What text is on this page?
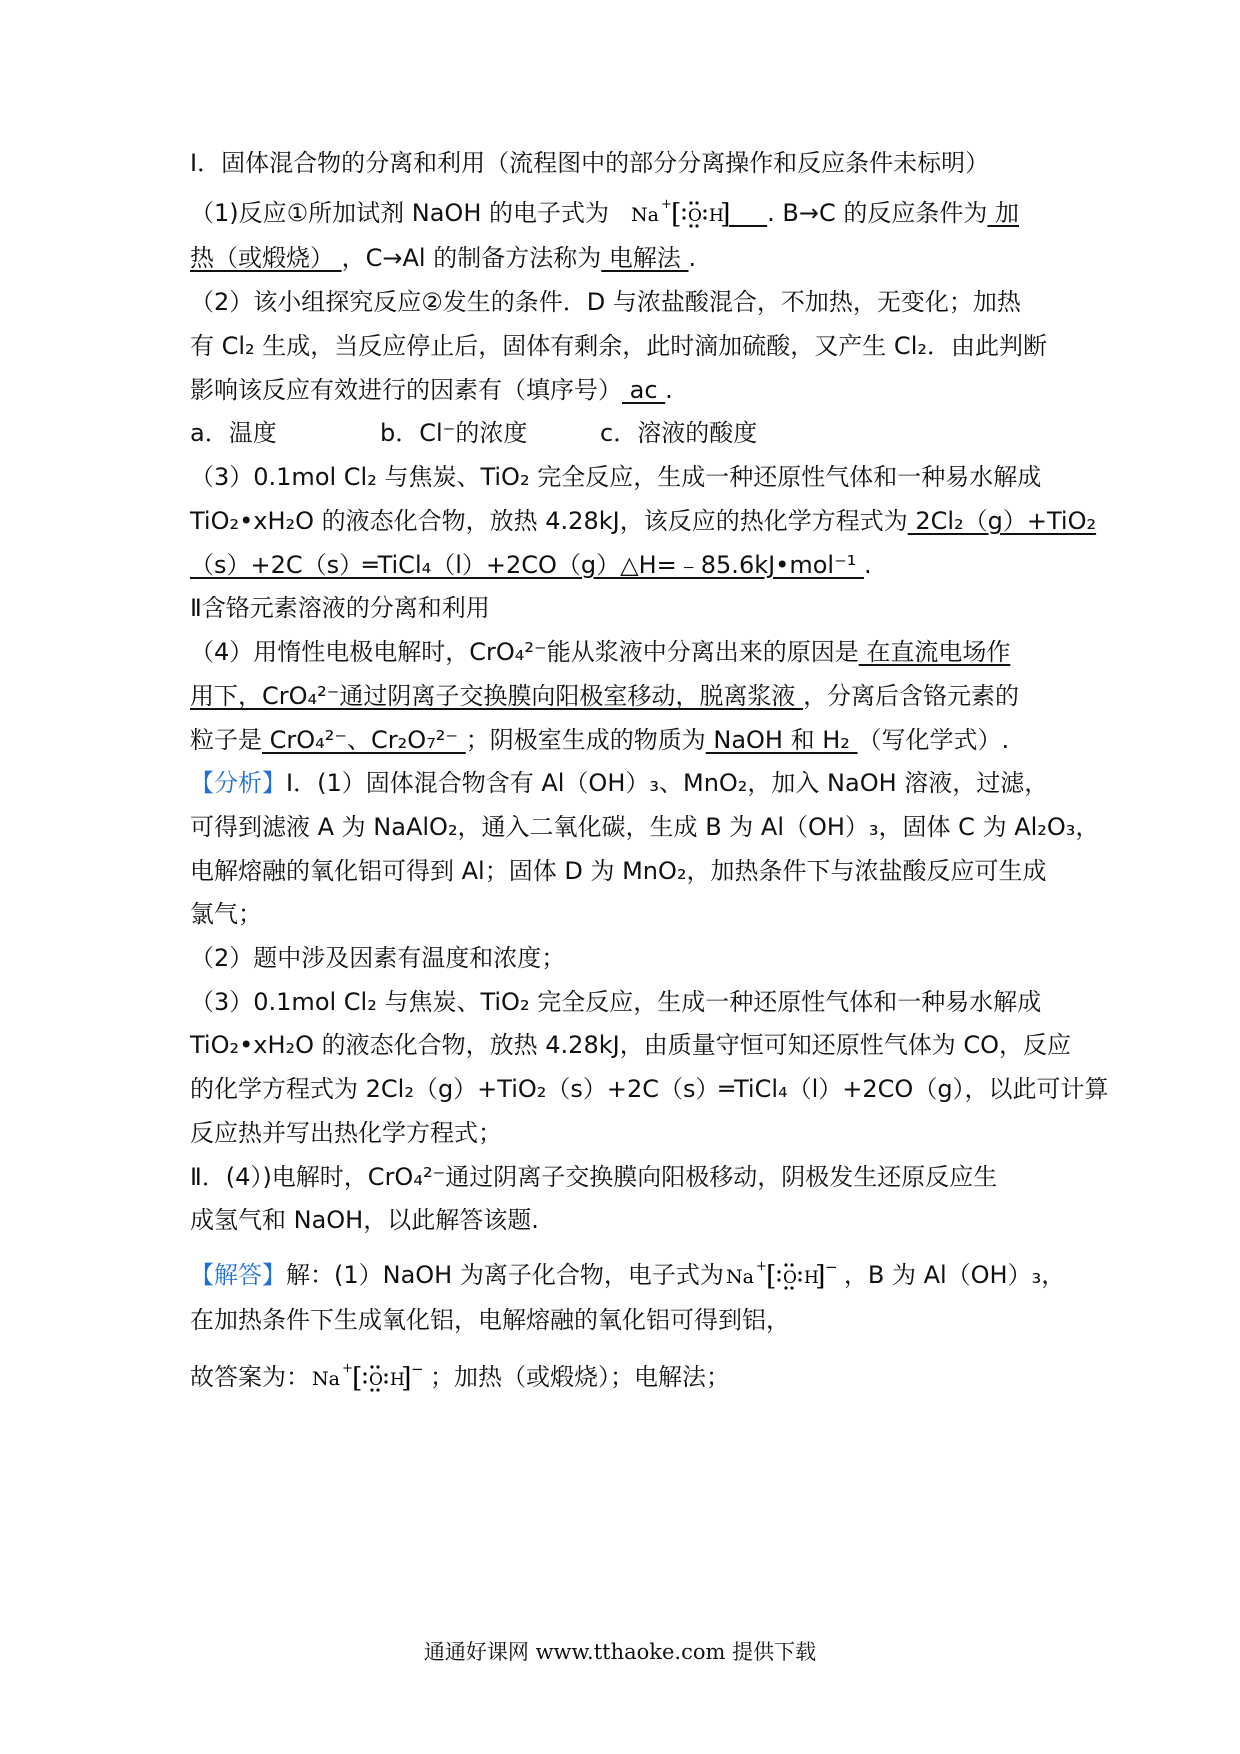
Ⅰ．固体混合物的分离和利用（流程图中的部分分离操作和反应条件未标明）
（1)反应①所加试剂 NaOH 的电子式为 Na + [ O H
] . B→C 的反应条件为 加
热（或煅烧） ，C→Al 的制备方法称为 电解法 .
（2）该小组探究反应②发生的条件．D 与浓盐酸混合，不加热，无变化；加热
有 Cl₂ 生成，当反应停止后，固体有剩余，此时滴加硫酸，又产生 Cl₂．由此判断
影响该反应有效进行的因素有（填序号） ac .
a．温度	b．Cl⁻的浓度	c．溶液的酸度
（3）0.1mol Cl₂ 与焦炭、TiO₂ 完全反应，生成一种还原性气体和一种易水解成
TiO₂•xH₂O 的液态化合物，放热 4.28kJ，该反应的热化学方程式为 2Cl₂（g）+TiO₂
（s）+2C（s）═TiCl₄（l）+2CO（g）△H=﹣85.6kJ•mol⁻¹ .
Ⅱ含铬元素溶液的分离和利用
（4）用惰性电极电解时，CrO₄²⁻能从浆液中分离出来的原因是 在直流电场作
用下，CrO₄²⁻通过阴离子交换膜向阳极室移动，脱离浆液 ，分离后含铬元素的
粒子是 CrO₄²⁻、Cr₂O₇²⁻ ；阴极室生成的物质为 NaOH 和 H₂ （写化学式）.
【分析】Ⅰ．(1）固体混合物含有 Al（OH）₃、MnO₂，加入 NaOH 溶液，过滤，
可得到滤液 A 为 NaAlO₂，通入二氧化碳，生成 B 为 Al（OH）₃，固体 C 为 Al₂O₃，
电解熔融的氧化铝可得到 Al；固体 D 为 MnO₂，加热条件下与浓盐酸反应可生成
氯气；
（2）题中涉及因素有温度和浓度；
（3）0.1mol Cl₂ 与焦炭、TiO₂ 完全反应，生成一种还原性气体和一种易水解成
TiO₂•xH₂O 的液态化合物，放热 4.28kJ，由质量守恒可知还原性气体为 CO，反应
的化学方程式为 2Cl₂（g）+TiO₂（s）+2C（s）═TiCl₄（l）+2CO（g），以此可计算
反应热并写出热化学方程式；
Ⅱ．(4）)电解时，CrO₄²⁻通过阴离子交换膜向阳极移动，阴极发生还原反应生
成氢气和 NaOH，以此解答该题.
【解答】解：(1）NaOH 为离子化合物，电子式为 Na + [ O H
] − ，B 为 Al（OH）₃，
在加热条件下生成氧化铝，电解熔融的氧化铝可得到铝，
故答案为： Na + [ O H
] − ；加热（或煅烧）；电解法；
通通好课网 www.tthaoke.com 提供下载
